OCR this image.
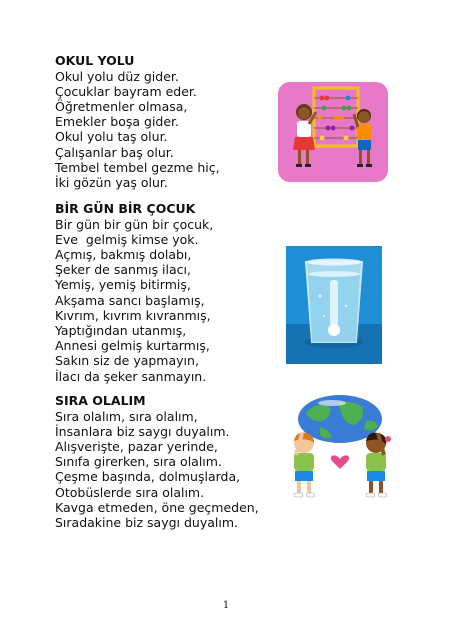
OKUL YOLU
Okul yolu düz gider.
Çocuklar bayram eder.
Öğretmenler olmasa,
Emekler boşa gider.
Okul yolu taş olur.
Çalışanlar baş olur.
Tembel tembel gezme hiç,
İki gözün yaş olur.
BİR GÜN BİR ÇOCUK
Bir gün bir gün bir çocuk,
Eve  gelmiş kimse yok.
Açmış, bakmış dolabı,
Şeker de sanmış ilacı,
Yemiş, yemiş bitirmiş,
Akşama sancı başlamış,
Kıvrım, kıvrım kıvranmış,
Yaptığından utanmış,
Annesi gelmiş kurtarmış,
Sakın siz de yapmayın,
İlacı da şeker sanmayın.
SIRA OLALIM
Sıra olalım, sıra olalım,
İnsanlara biz saygı duyalım.
Alışverişte, pazar yerinde,
Sınıfa girerken, sıra olalım.
Çeşme başında, dolmuşlarda,
Otobüslerde sıra olalım.
Kavga etmeden, öne geçmeden,
Sıradakine biz saygı duyalım.
1
